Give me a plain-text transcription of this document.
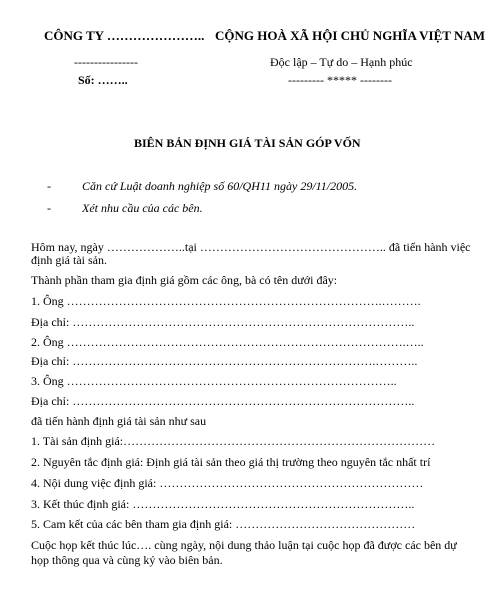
CÔNG TY ………………….. CỘNG HOÀ XÃ HỘI CHỦ NGHĨA VIỆT NAM
----------------	Độc lập – Tự do – Hạnh phúc
Số: ……..	--------- ***** --------
BIÊN BẢN ĐỊNH GIÁ TÀI SẢN GÓP VỐN
-	Căn cứ Luật doanh nghiệp số 60/QH11 ngày 29/11/2005.
-	Xét nhu cầu của các bên.
Hôm nay, ngày ………………..tại ……………………………………….. đã tiến hành việc
định giá tài sản.
Thành phần tham gia định giá gồm các ông, bà có tên dưới đây:
1. Ông …………………………………………………………………….……….
Địa chỉ: …………………………………………………………………………..
2. Ông ………………………………………………………………………….…..
Địa chỉ: ………………………………………………………………….………..
3. Ông ………………………………………………………………………..
Địa chỉ: …………………………………………………………………………..
đã tiến hành định giá tài sản như sau
1. Tài sản định giá:……………………………………………………………………
2. Nguyên tắc định giá: Định giá tài sản theo giá thị trường theo nguyên tắc nhất trí
4. Nội dung việc định giá: …………………………………………………………
3. Kết thúc định giá: ……………………………………………………………..
5. Cam kết của các bên tham gia định giá: ………………………………………
Cuộc họp kết thúc lúc…. cùng ngày, nội dung thảo luận tại cuộc họp đã được các bên dự
họp thông qua và cùng ký vào biên bản.
